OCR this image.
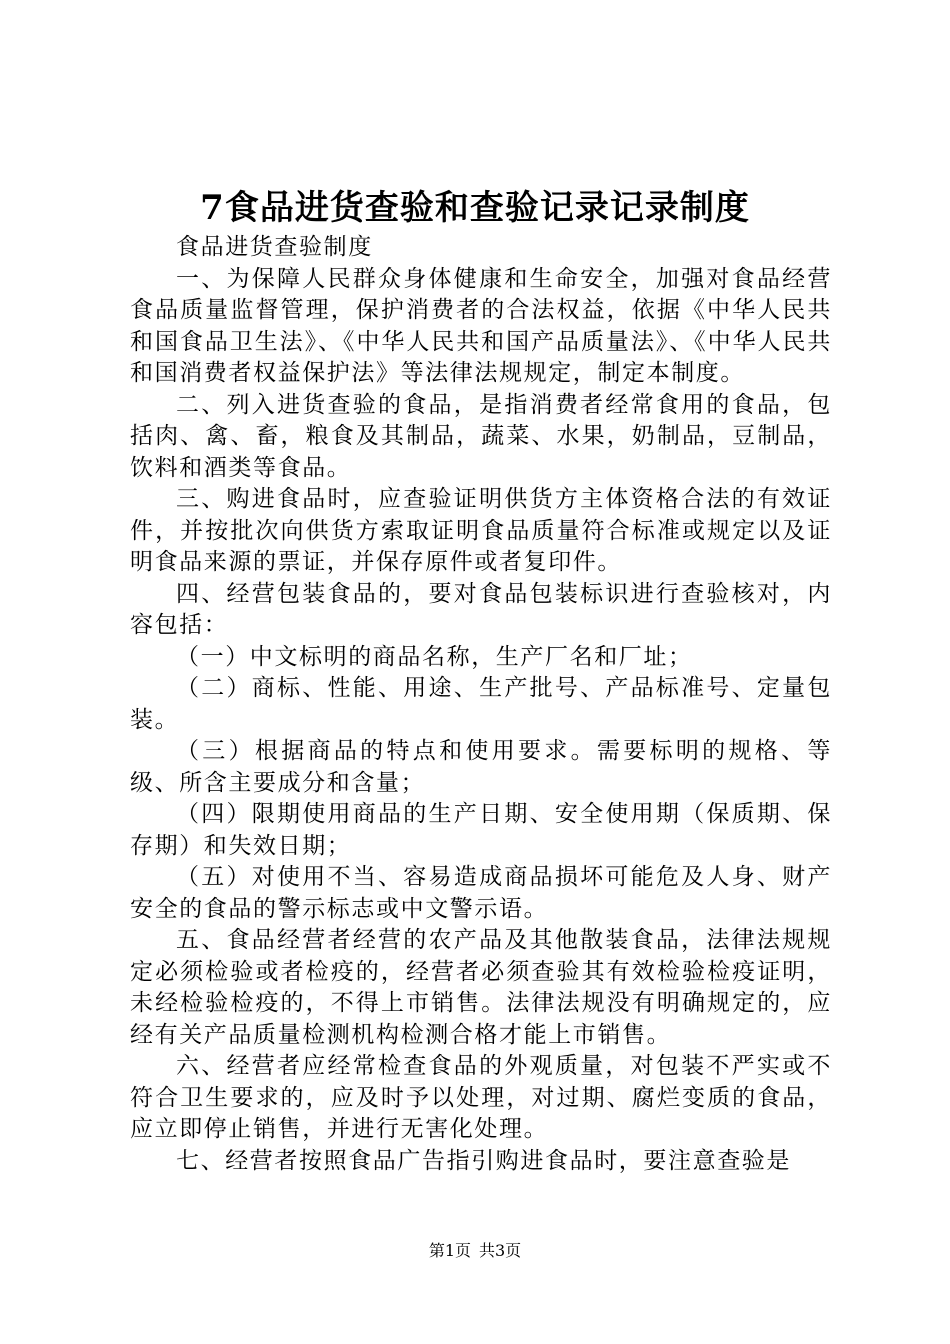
7食品进货查验和查验记录记录制度

食品进货查验制度

一、为保障人民群众身体健康和生命安全，加强对食品经营食品质量监督管理，保护消费者的合法权益，依据《中华人民共和国食品卫生法》、《中华人民共和国产品质量法》、《中华人民共和国消费者权益保护法》等法律法规规定，制定本制度。

二、列入进货查验的食品，是指消费者经常食用的食品，包括肉、禽、畜，粮食及其制品，蔬菜、水果，奶制品，豆制品，饮料和酒类等食品。

三、购进食品时，应查验证明供货方主体资格合法的有效证件，并按批次向供货方索取证明食品质量符合标准或规定以及证明食品来源的票证，并保存原件或者复印件。

四、经营包装食品的，要对食品包装标识进行查验核对，内容包括：

（一）中文标明的商品名称，生产厂名和厂址；

（二）商标、性能、用途、生产批号、产品标准号、定量包装。

（三）根据商品的特点和使用要求。需要标明的规格、等级、所含主要成分和含量；

（四）限期使用商品的生产日期、安全使用期（保质期、保存期）和失效日期；

（五）对使用不当、容易造成商品损坏可能危及人身、财产安全的食品的警示标志或中文警示语。

五、食品经营者经营的农产品及其他散装食品，法律法规规定必须检验或者检疫的，经营者必须查验其有效检验检疫证明，未经检验检疫的，不得上市销售。法律法规没有明确规定的，应经有关产品质量检测机构检测合格才能上市销售。

六、经营者应经常检查食品的外观质量，对包装不严实或不符合卫生要求的，应及时予以处理，对过期、腐烂变质的食品，应立即停止销售，并进行无害化处理。

七、经营者按照食品广告指引购进食品时，要注意查验是

第1页 共3页
